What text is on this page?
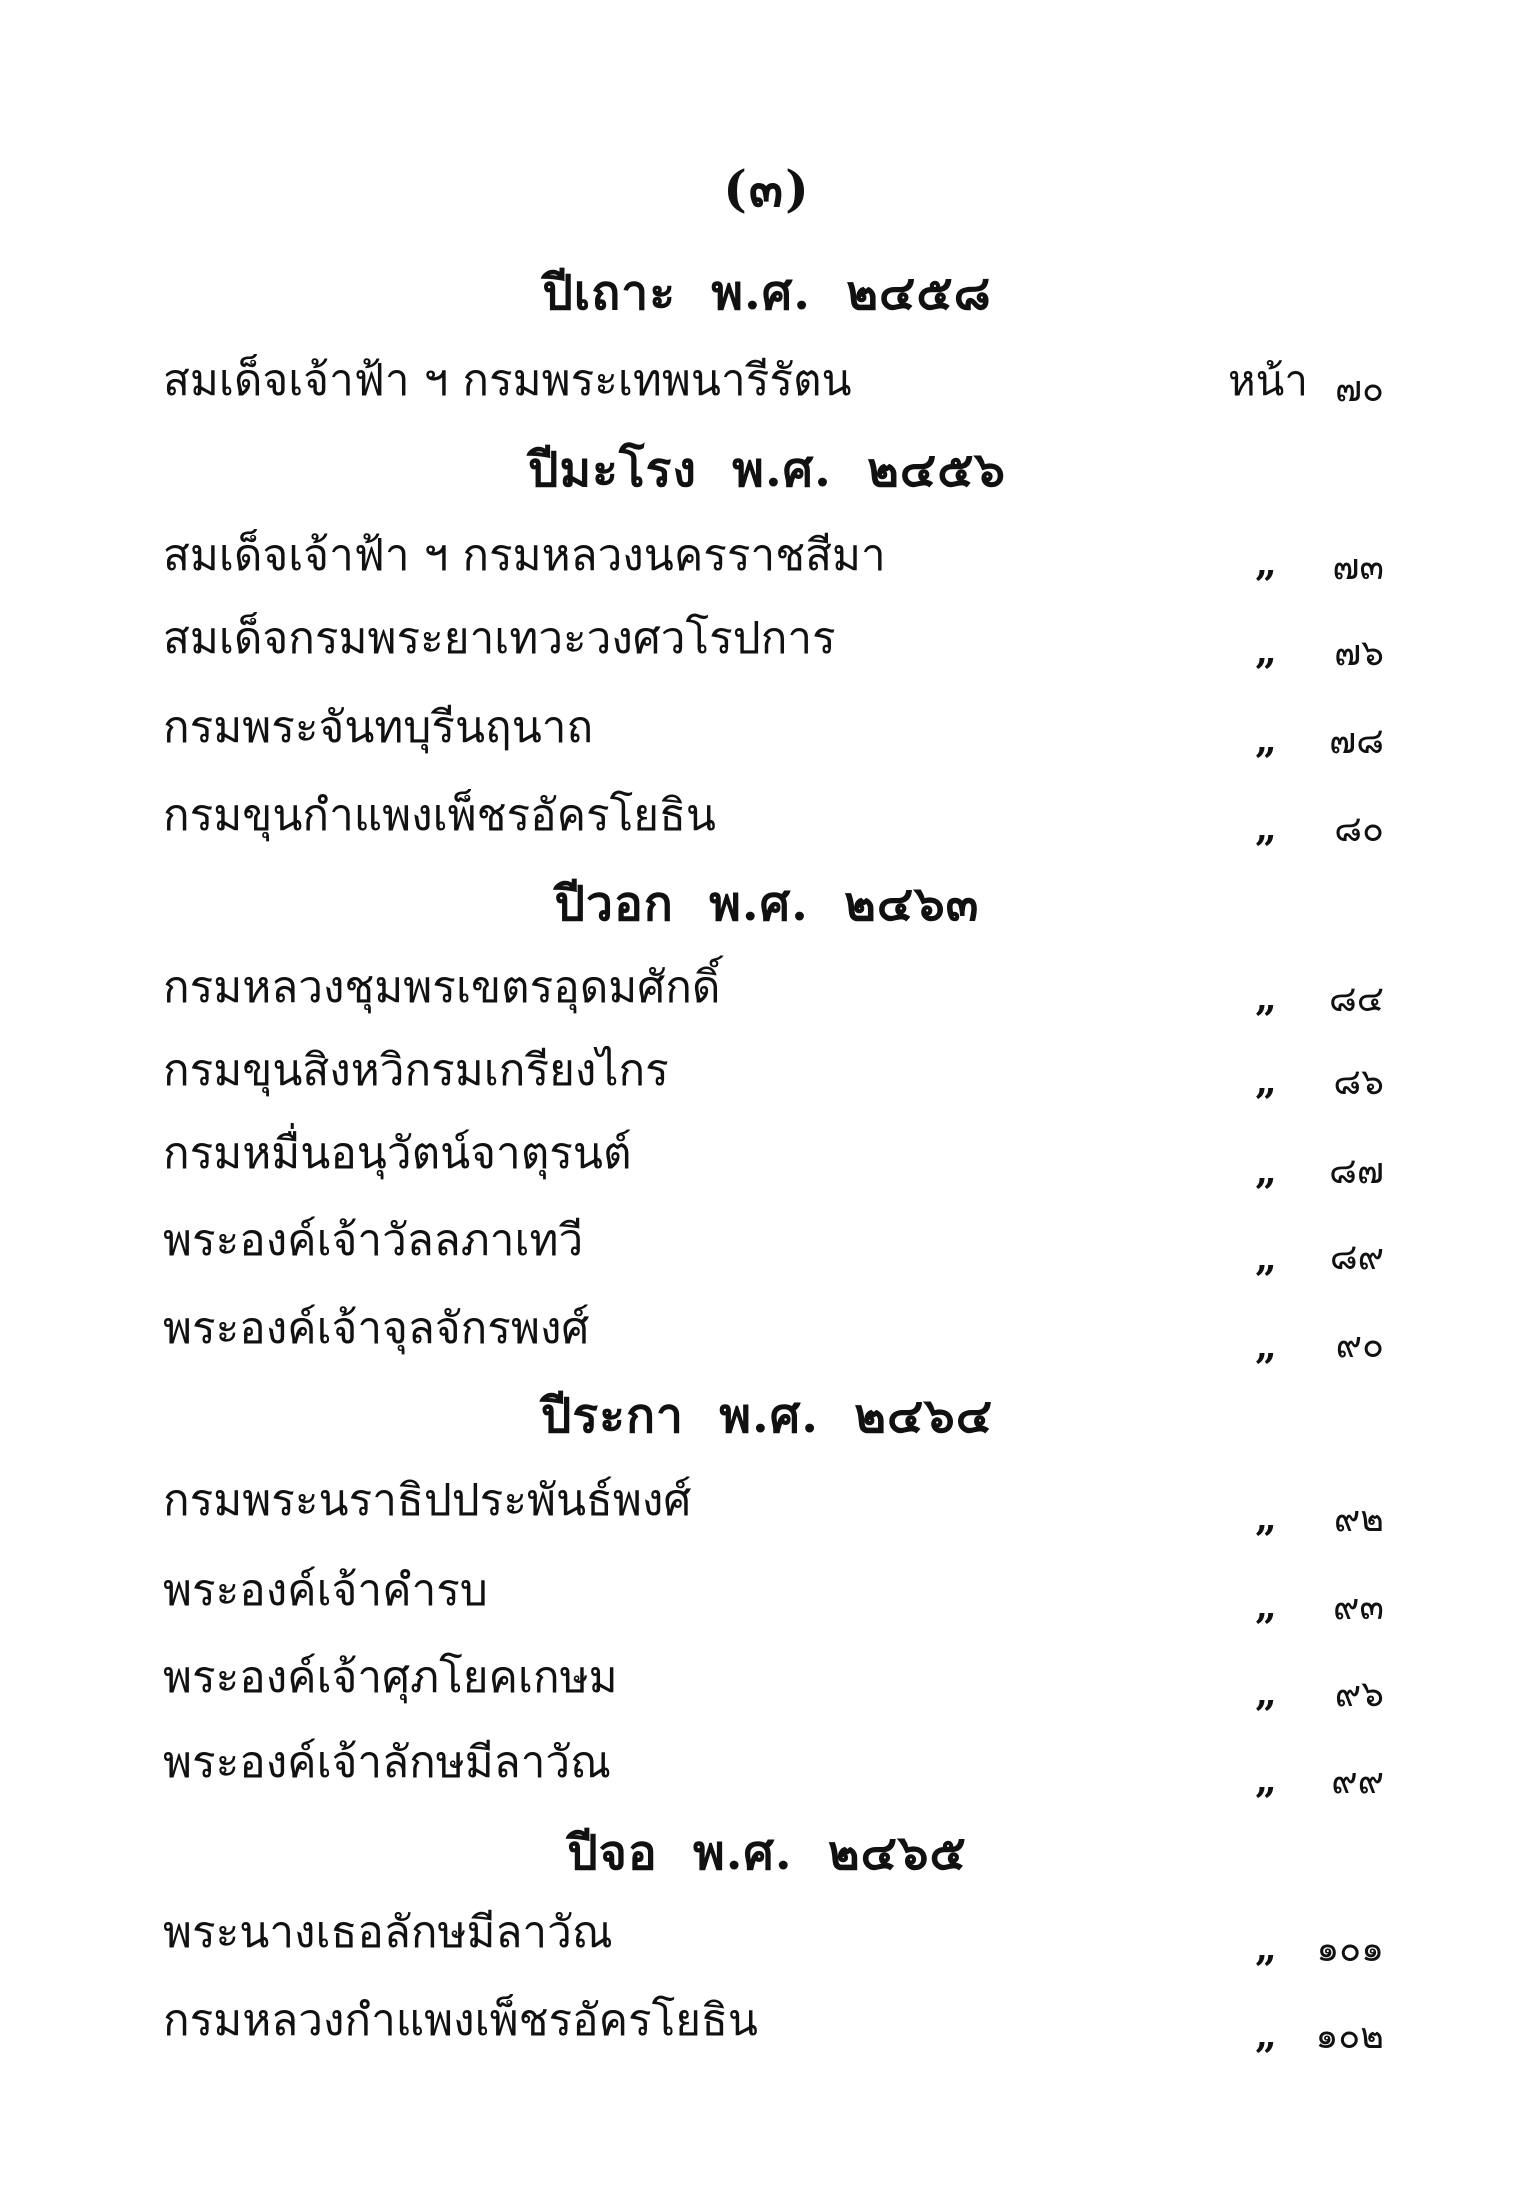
(๓)
ปีเถาะ  พ.ศ.  ๒๔๕๘
สมเด็จเจ้าฟ้า ฯ กรมพระเทพนารีรัตน	หน้า ๗๐
ปีมะโรง  พ.ศ.  ๒๔๕๖
สมเด็จเจ้าฟ้า ฯ กรมหลวงนครราชสีมา	„ ๗๓
สมเด็จกรมพระยาเทวะวงศวโรปการ	„ ๗๖
กรมพระจันทบุรีนฤนาถ	„ ๗๘
กรมขุนกำแพงเพ็ชรอัครโยธิน	„ ๘๐
ปีวอก  พ.ศ.  ๒๔๖๓
กรมหลวงชุมพรเขตรอุดมศักดิ์	„ ๘๔
กรมขุนสิงหวิกรมเกรียงไกร	„ ๘๖
กรมหมื่นอนุวัตน์จาตุรนต์	„ ๘๗
พระองค์เจ้าวัลลภาเทวี	„ ๘๙
พระองค์เจ้าจุลจักรพงศ์	„ ๙๐
ปีระกา  พ.ศ.  ๒๔๖๔
กรมพระนราธิปประพันธ์พงศ์	„ ๙๒
พระองค์เจ้าคำรบ	„ ๙๓
พระองค์เจ้าศุภโยคเกษม	„ ๙๖
พระองค์เจ้าลักษมีลาวัณ	„ ๙๙
ปีจอ  พ.ศ.  ๒๔๖๕
พระนางเธอลักษมีลาวัณ	„ ๑๐๑
กรมหลวงกำแพงเพ็ชรอัครโยธิน	„ ๑๐๒
